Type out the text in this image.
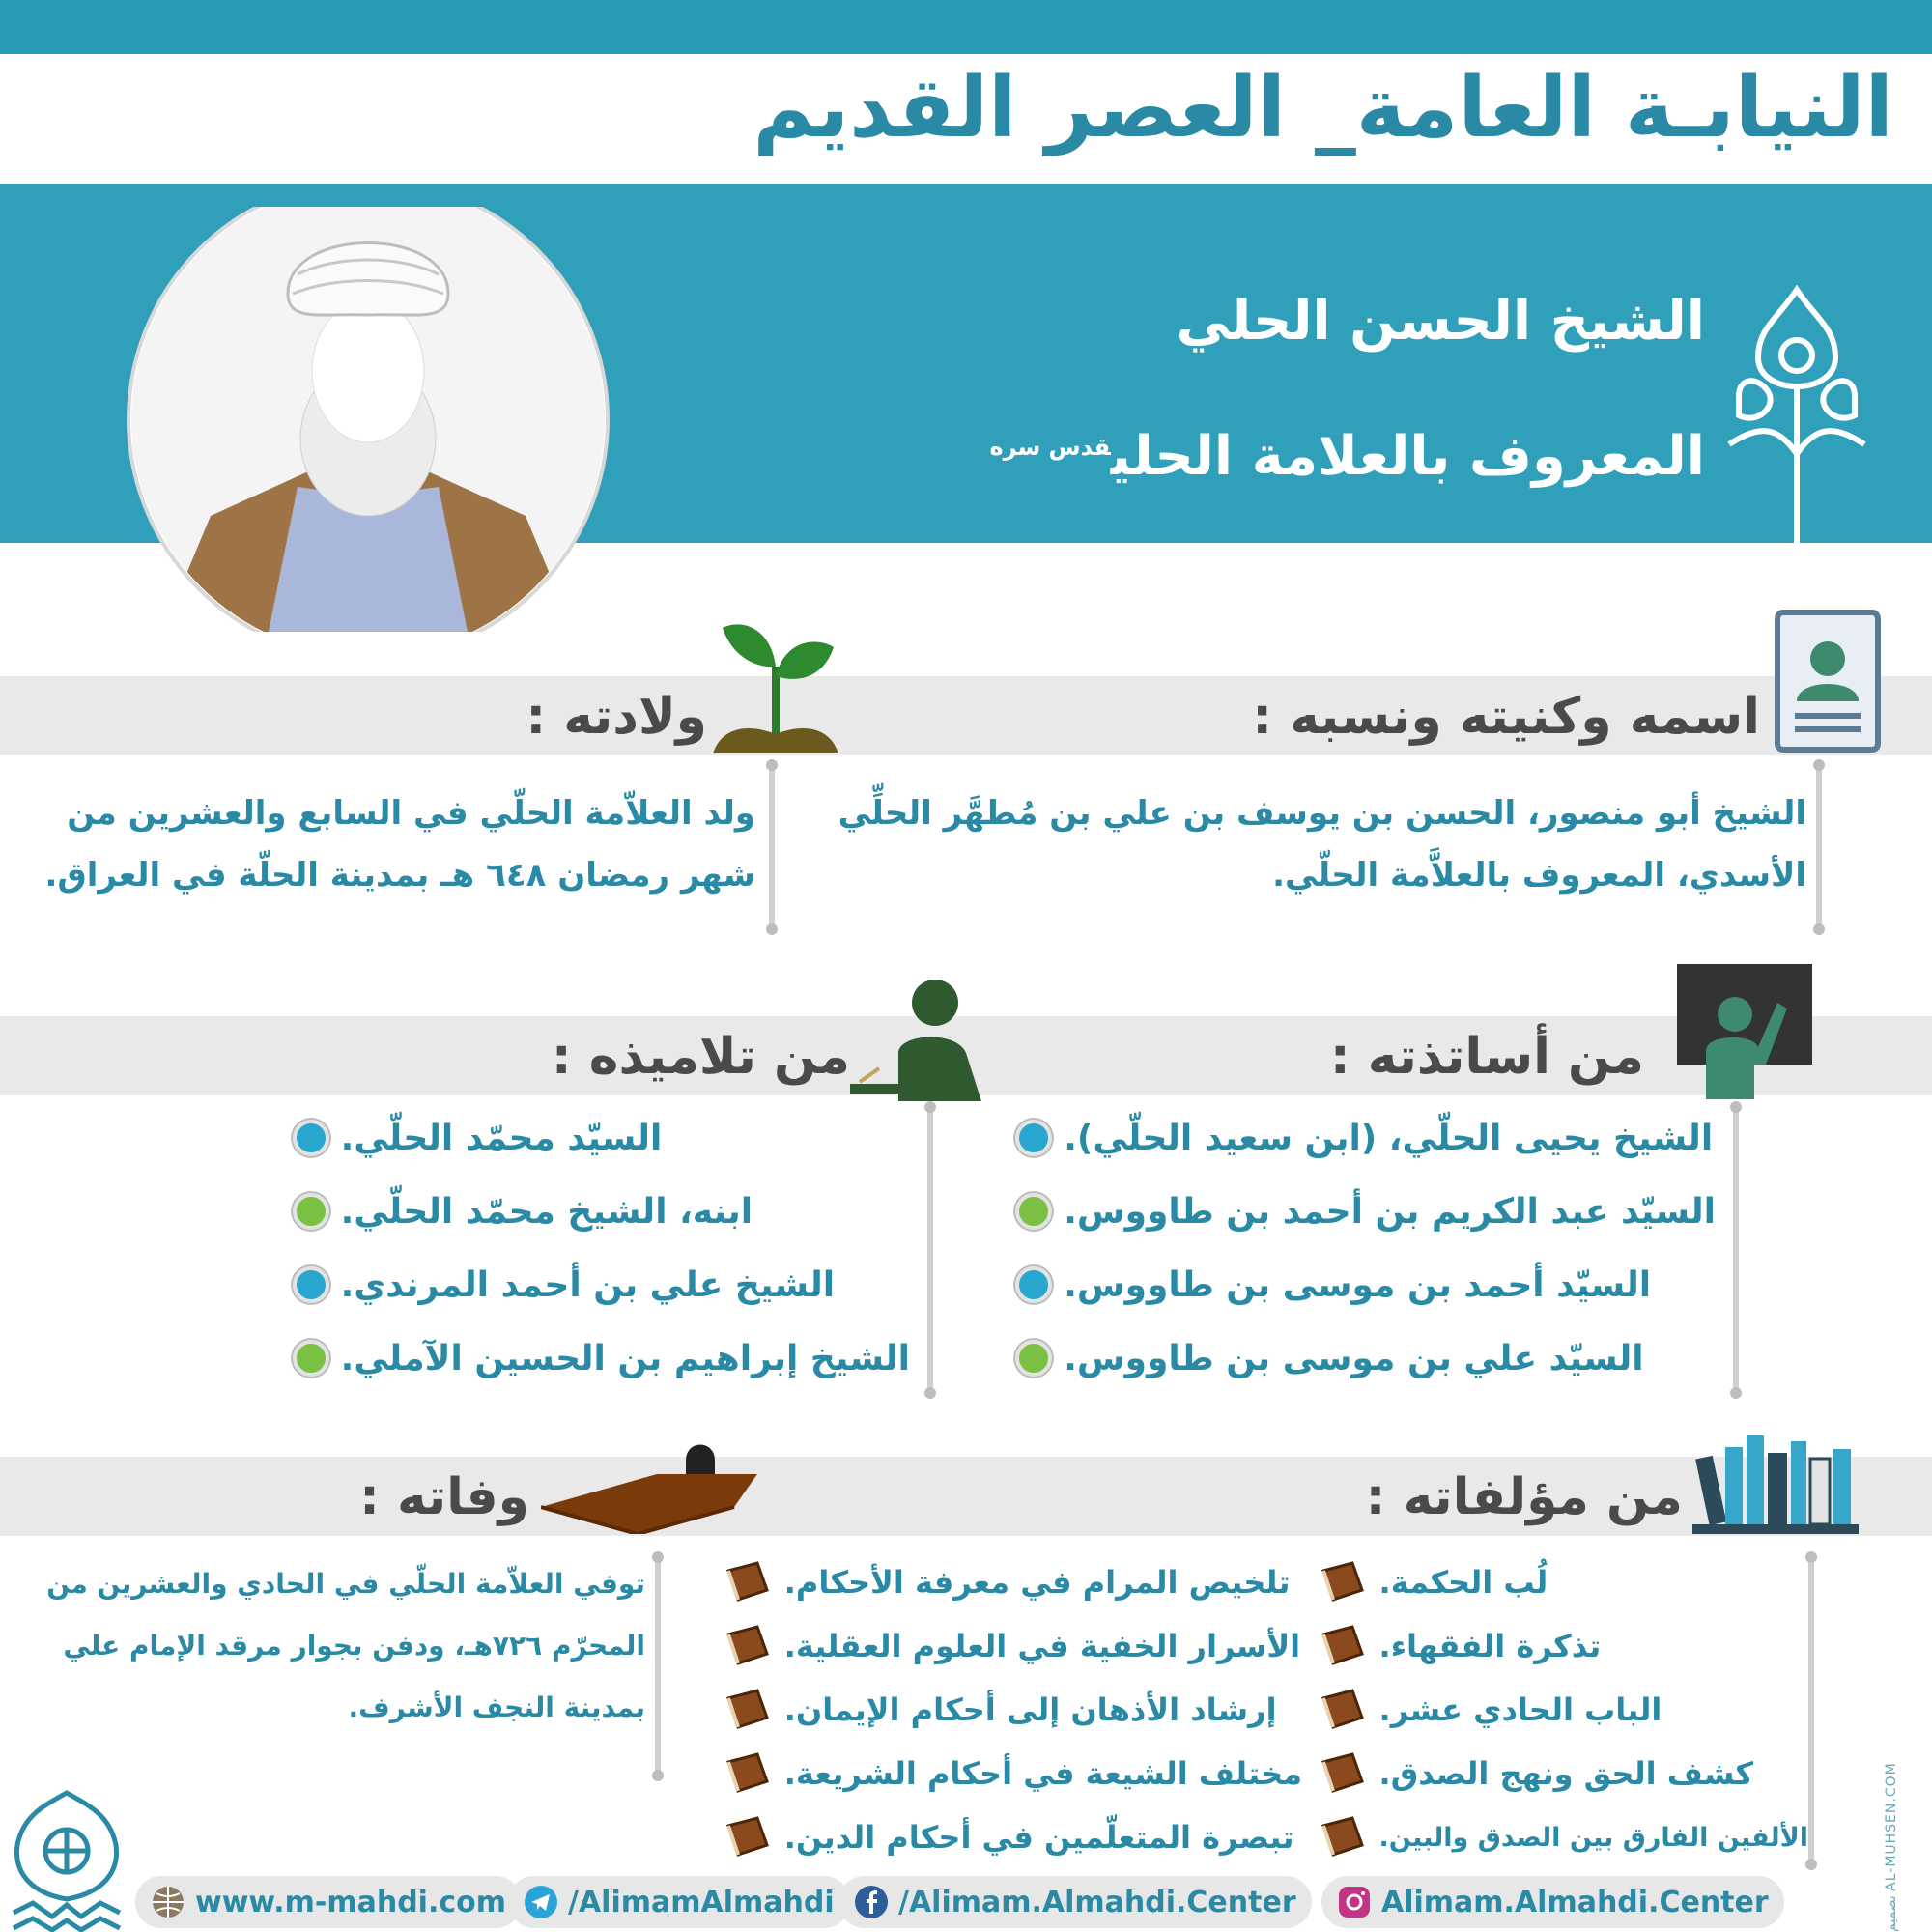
النيابـة العامة_ العصر القديم
الشيخ الحسن الحلي
المعروف بالعلامة الحلي$^{قدس سره}$
اسمه وكنيته ونسبه :
ولادته :
الشيخ أبو منصور، الحسن بن يوسف بن علي بن مُطهَّر الحلِّي
الأسدي، المعروف بالعلاَّمة الحلّي.
ولد العلاّمة الحلّي في السابع والعشرين من
شهر رمضان ٦٤٨ هـ بمدينة الحلّة في العراق.
من أساتذته :
من تلاميذه :
الشيخ يحيى الحلّي، (ابن سعيد الحلّي).
السيّد عبد الكريم بن أحمد بن طاووس.
السيّد أحمد بن موسى بن طاووس.
السيّد علي بن موسى بن طاووس.
السيّد محمّد الحلّي.
ابنه، الشيخ محمّد الحلّي.
الشيخ علي بن أحمد المرندي.
الشيخ إبراهيم بن الحسين الآملي.
من مؤلفاته :
وفاته :
لُب الحكمة.
تذكرة الفقهاء.
الباب الحادي عشر.
كشف الحق ونهج الصدق.
الألفين الفارق بين الصدق والبين.
تلخيص المرام في معرفة الأحكام.
الأسرار الخفية في العلوم العقلية.
إرشاد الأذهان إلى أحكام الإيمان.
مختلف الشيعة في أحكام الشريعة.
تبصرة المتعلّمين في أحكام الدين.
توفي العلاّمة الحلّي في الحادي والعشرين من
المحرّم ٧٢٦هـ، ودفن بجوار مرقد الإمام علي
بمدينة النجف الأشرف.
www.m-mahdi.com /AlimamAlmahdi /Alimam.Almahdi.Center	Alimam.Almahdi.Center	تصميم AL-MUHSEN.COM
